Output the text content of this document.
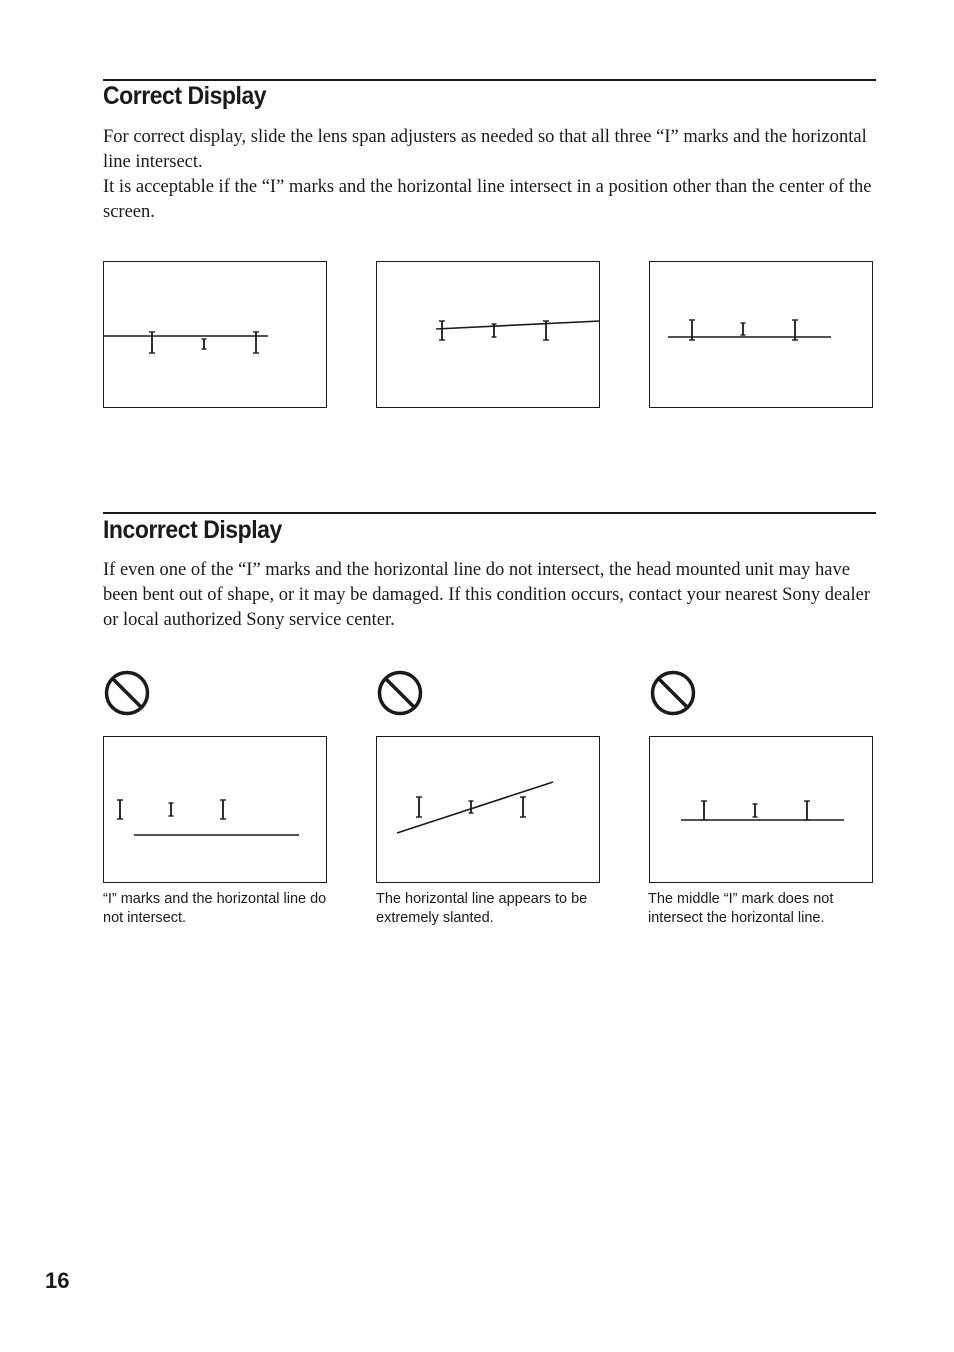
Correct Display

For correct display, slide the lens span adjusters as needed so that all three “I” marks and the horizontal line intersect.

It is acceptable if the “I” marks and the horizontal line intersect in a position other than the center of the screen.

Incorrect Display
If even one of the “I” marks and the horizontal line do not intersect, the head mounted unit may have been bent out of shape, or it may be damaged. If this condition occurs, contact your nearest Sony dealer or local authorized Sony service center.
“I” marks and the horizontal line do not intersect.
The horizontal line appears to be extremely slanted.
The middle “I” mark does not intersect the horizontal line.
16
